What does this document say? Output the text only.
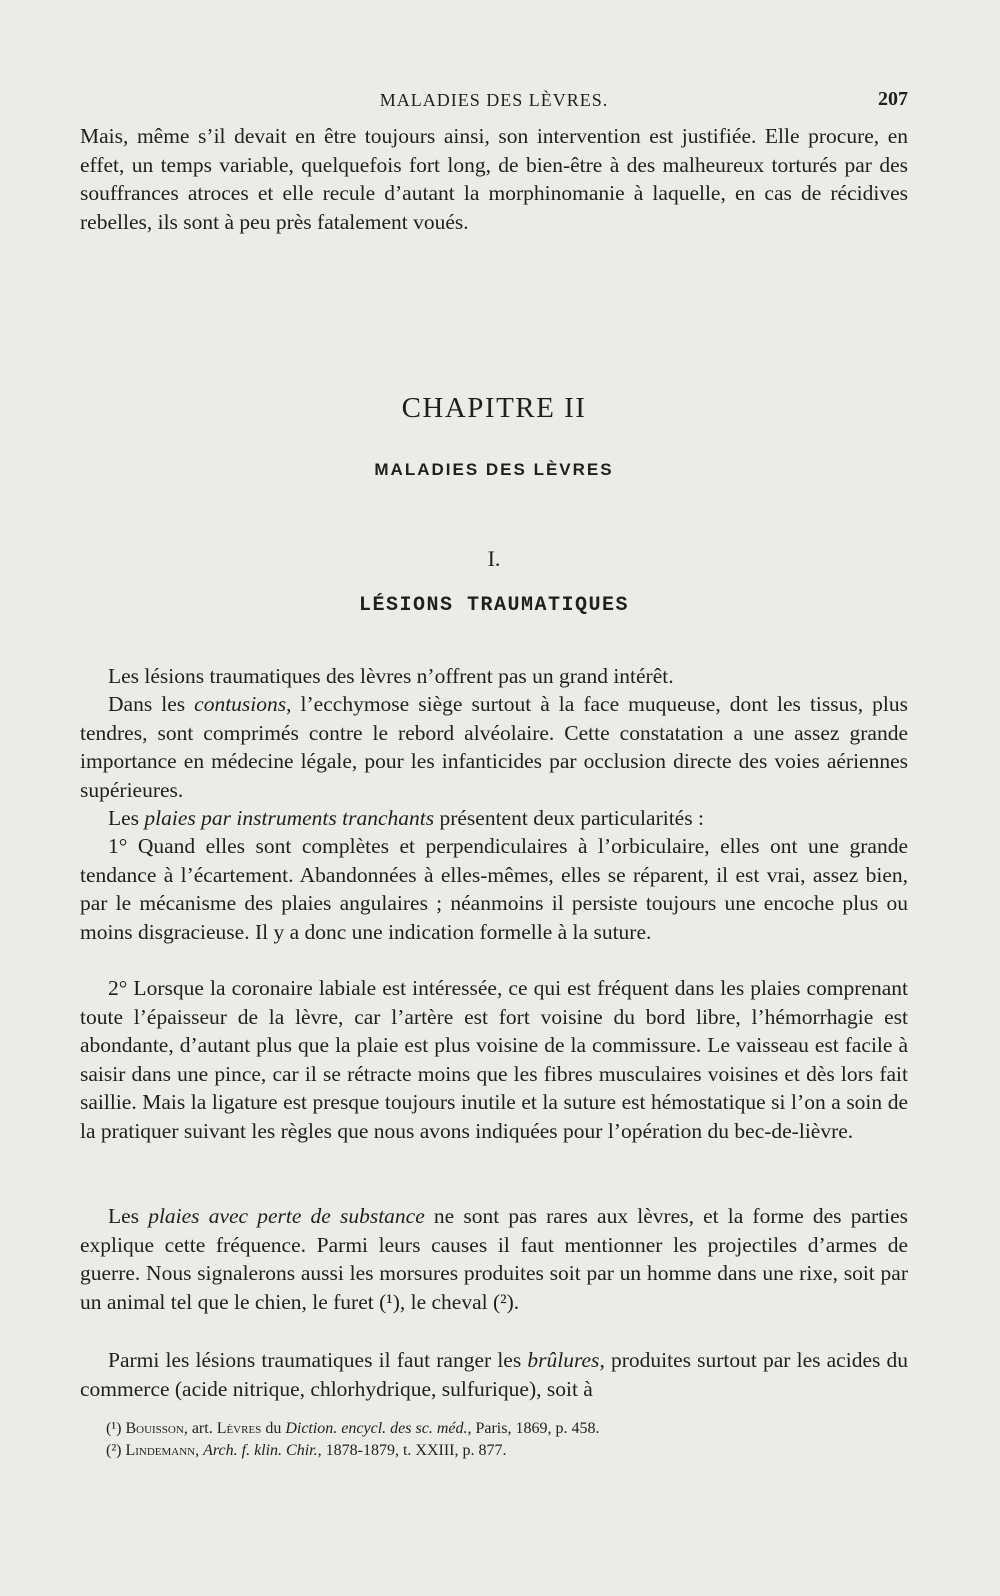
MALADIES DES LÈVRES.	207

Mais, même s’il devait en être toujours ainsi, son intervention est justifiée. Elle procure, en effet, un temps variable, quelquefois fort long, de bien-être à des malheureux torturés par des souffrances atroces et elle recule d’autant la morphinomanie à laquelle, en cas de récidives rebelles, ils sont à peu près fatalement voués.

CHAPITRE II
MALADIES DES LÈVRES
I.
LÉSIONS TRAUMATIQUES

Les lésions traumatiques des lèvres n’offrent pas un grand intérêt.

Dans les contusions, l’ecchymose siège surtout à la face muqueuse, dont les tissus, plus tendres, sont comprimés contre le rebord alvéolaire. Cette constatation a une assez grande importance en médecine légale, pour les infanticides par occlusion directe des voies aériennes supérieures.

Les plaies par instruments tranchants présentent deux particularités :

1° Quand elles sont complètes et perpendiculaires à l’orbiculaire, elles ont une grande tendance à l’écartement. Abandonnées à elles-mêmes, elles se réparent, il est vrai, assez bien, par le mécanisme des plaies angulaires ; néanmoins il persiste toujours une encoche plus ou moins disgracieuse. Il y a donc une indication formelle à la suture.

2° Lorsque la coronaire labiale est intéressée, ce qui est fréquent dans les plaies comprenant toute l’épaisseur de la lèvre, car l’artère est fort voisine du bord libre, l’hémorrhagie est abondante, d’autant plus que la plaie est plus voisine de la commissure. Le vaisseau est facile à saisir dans une pince, car il se rétracte moins que les fibres musculaires voisines et dès lors fait saillie. Mais la ligature est presque toujours inutile et la suture est hémostatique si l’on a soin de la pratiquer suivant les règles que nous avons indiquées pour l’opération du bec-de-lièvre.

Les plaies avec perte de substance ne sont pas rares aux lèvres, et la forme des parties explique cette fréquence. Parmi leurs causes il faut mentionner les projectiles d’armes de guerre. Nous signalerons aussi les morsures produites soit par un homme dans une rixe, soit par un animal tel que le chien, le furet (¹), le cheval (²).

Parmi les lésions traumatiques il faut ranger les brûlures, produites surtout par les acides du commerce (acide nitrique, chlorhydrique, sulfurique), soit à

(¹) Bouisson, art. Lèvres du Diction. encycl. des sc. méd., Paris, 1869, p. 458.

(²) Lindemann, Arch. f. klin. Chir., 1878-1879, t. XXIII, p. 877.
